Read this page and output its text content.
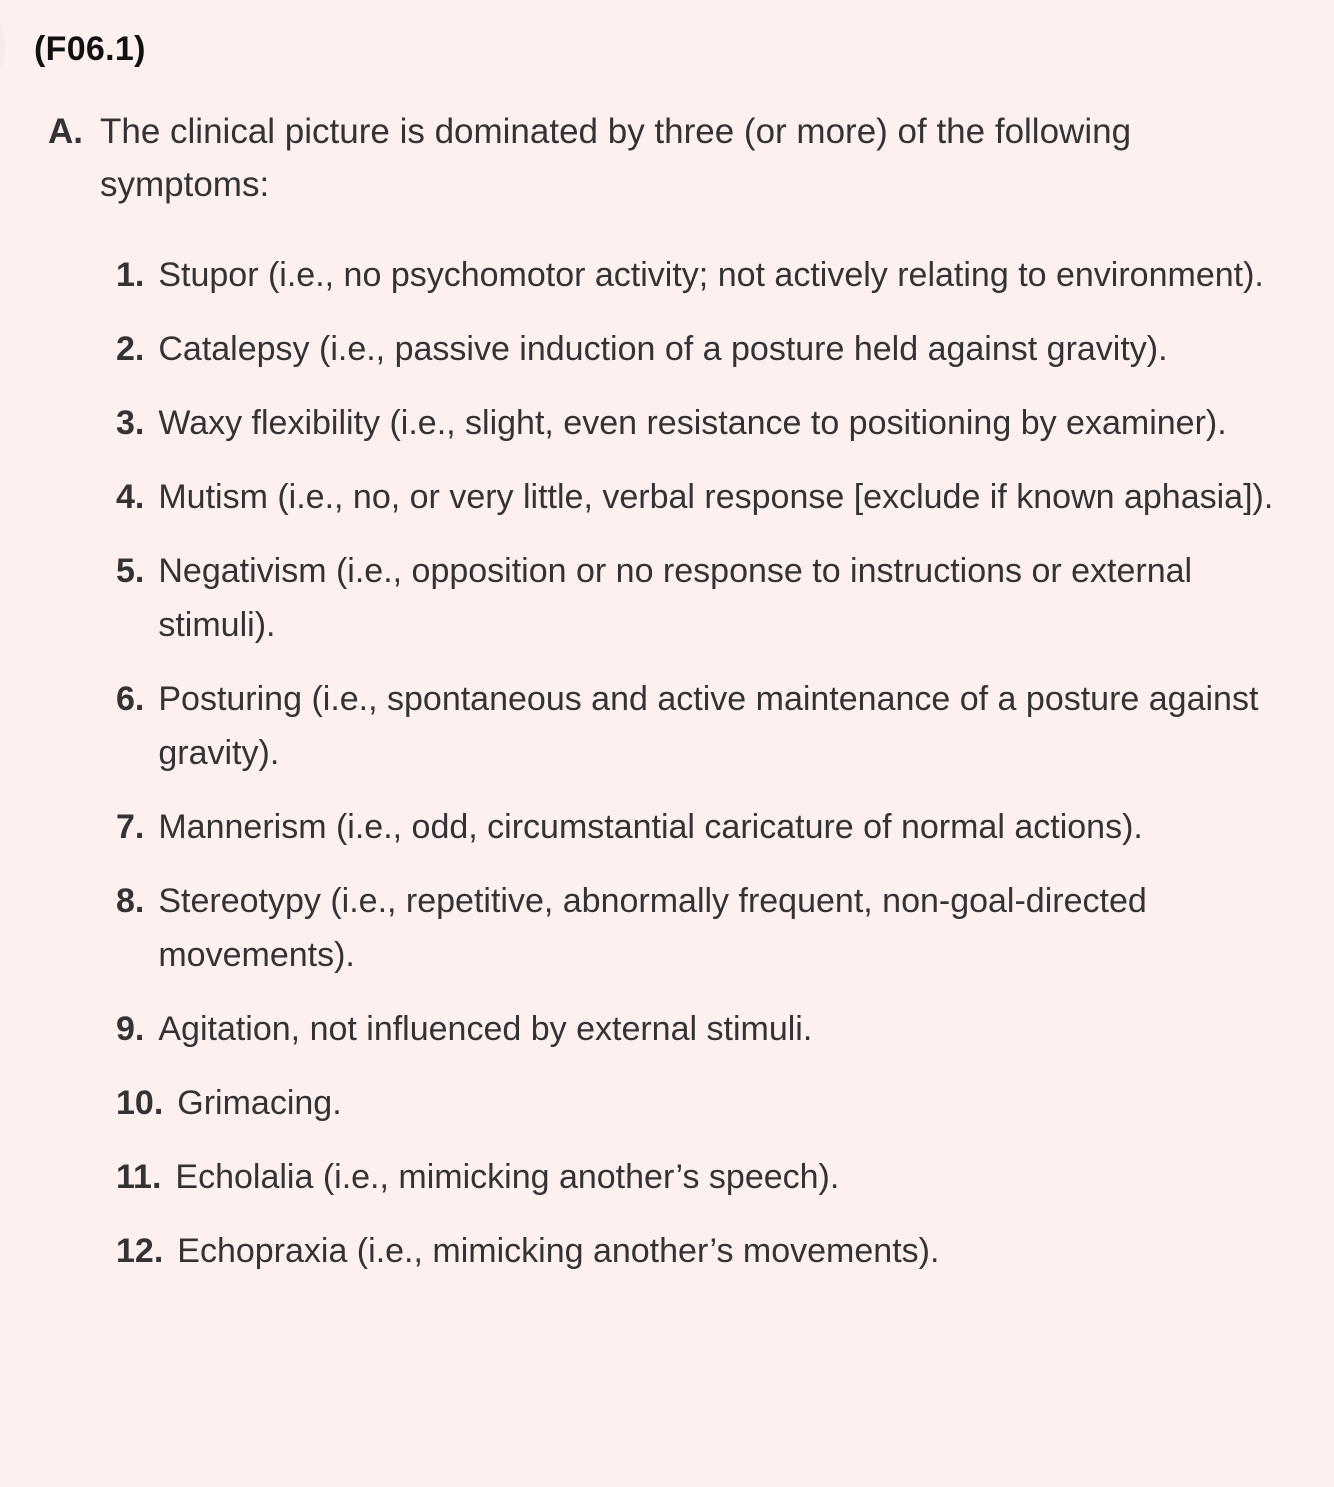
(F06.1)
A. The clinical picture is dominated by three (or more) of the following symptoms:
1. Stupor (i.e., no psychomotor activity; not actively relating to environment).
2. Catalepsy (i.e., passive induction of a posture held against gravity).
3. Waxy flexibility (i.e., slight, even resistance to positioning by examiner).
4. Mutism (i.e., no, or very little, verbal response [exclude if known aphasia]).
5. Negativism (i.e., opposition or no response to instructions or external stimuli).
6. Posturing (i.e., spontaneous and active maintenance of a posture against gravity).
7. Mannerism (i.e., odd, circumstantial caricature of normal actions).
8. Stereotypy (i.e., repetitive, abnormally frequent, non-goal-directed movements).
9. Agitation, not influenced by external stimuli.
10. Grimacing.
11. Echolalia (i.e., mimicking another’s speech).
12. Echopraxia (i.e., mimicking another’s movements).
